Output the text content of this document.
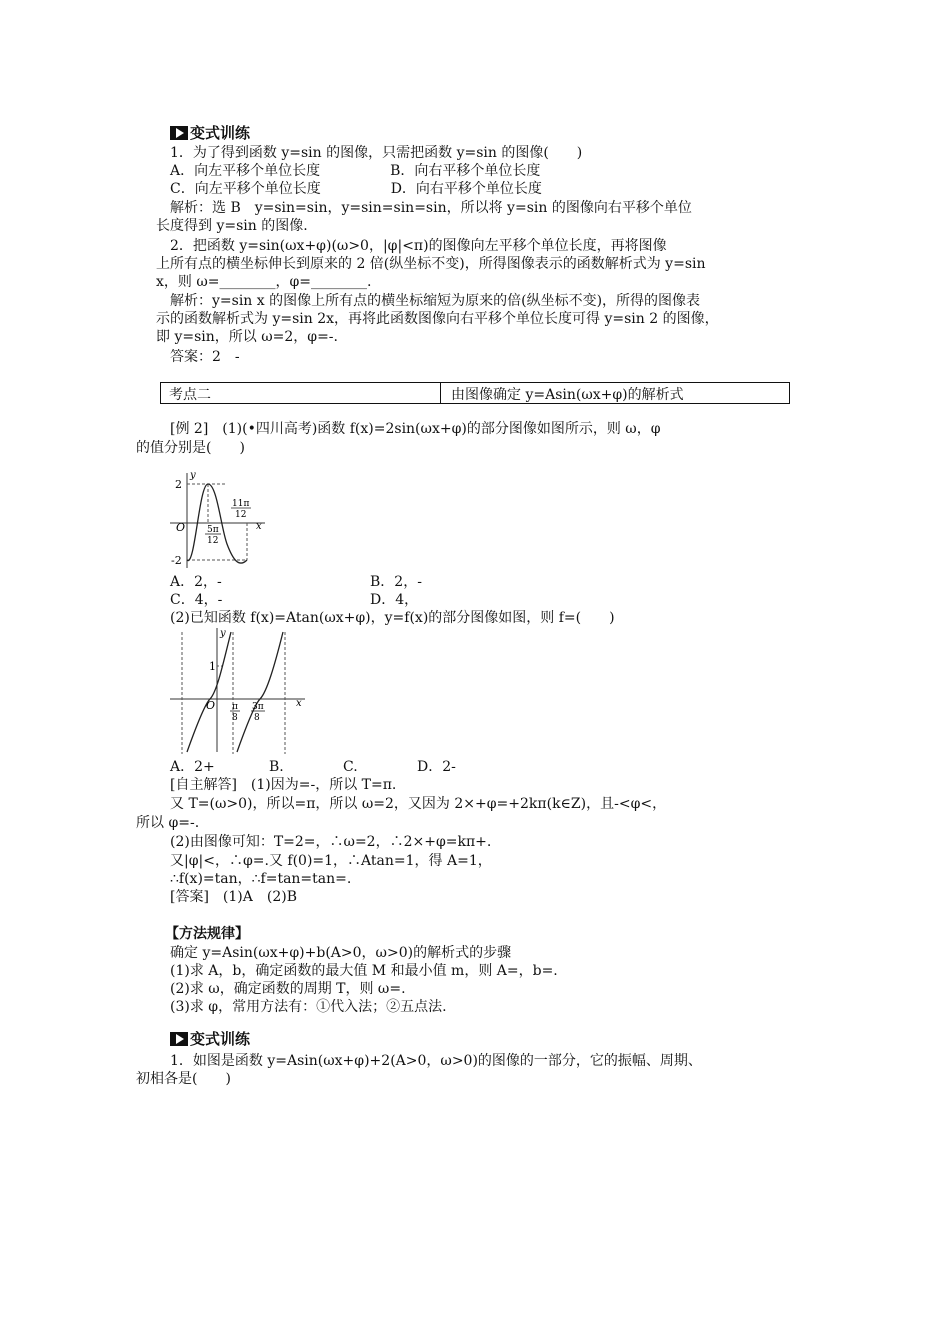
变式训练
1．为了得到函数 y=sin 的图像，只需把函数 y=sin 的图像(　　)
A．向左平移个单位长度　　　　　B．向右平移个单位长度
C．向左平移个单位长度　　　　　D．向右平移个单位长度
解析：选 B　y=sin=sin，y=sin=sin=sin，所以将 y=sin 的图像向右平移个单位
长度得到 y=sin 的图像.
2．把函数 y=sin(ωx+φ)(ω>0，|φ|<π)的图像向左平移个单位长度，再将图像
上所有点的横坐标伸长到原来的 2 倍(纵坐标不变)，所得图像表示的函数解析式为 y=sin
x，则 ω=________，φ=________.
解析：y=sin x 的图像上所有点的横坐标缩短为原来的倍(纵坐标不变)，所得的图像表
示的函数解析式为 y=sin 2x，再将此函数图像向右平移个单位长度可得 y=sin 2 的图像，
即 y=sin，所以 ω=2，φ=-.
答案：2　-
考点二	由图像确定 y=Asin(ωx+φ)的解析式
[例 2]　(1)(•四川高考)函数 f(x)=2sin(ωx+φ)的部分图像如图所示，则 ω，φ
的值分别是(　　)
y
2
-2
O	x
5π
12
11π
12
A．2，-	B．2，-
C．4，-	D．4，
(2)已知函数 f(x)=Atan(ωx+φ)，y=f(x)的部分图像如图，则 f=(　　)
y
1
O	x
π
8
3π
8
A．2+	B.	C.	D．2-
[自主解答]　(1)因为=-，所以 T=π.
又 T=(ω>0)，所以=π，所以 ω=2，又因为 2×+φ=+2kπ(k∈Z)，且-<φ<，
所以 φ=-.
(2)由图像可知：T=2=，∴ω=2，∴2×+φ=kπ+.
又|φ|<，∴φ=.又 f(0)=1，∴Atan=1，得 A=1，
∴f(x)=tan，∴f=tan=tan=.
[答案]　(1)A　(2)B
【方法规律】
确定 y=Asin(ωx+φ)+b(A>0，ω>0)的解析式的步骤
(1)求 A，b，确定函数的最大值 M 和最小值 m，则 A=，b=.
(2)求 ω，确定函数的周期 T，则 ω=.
(3)求 φ，常用方法有：①代入法；②五点法.
变式训练
1．如图是函数 y=Asin(ωx+φ)+2(A>0，ω>0)的图像的一部分，它的振幅、周期、
初相各是(　　)
